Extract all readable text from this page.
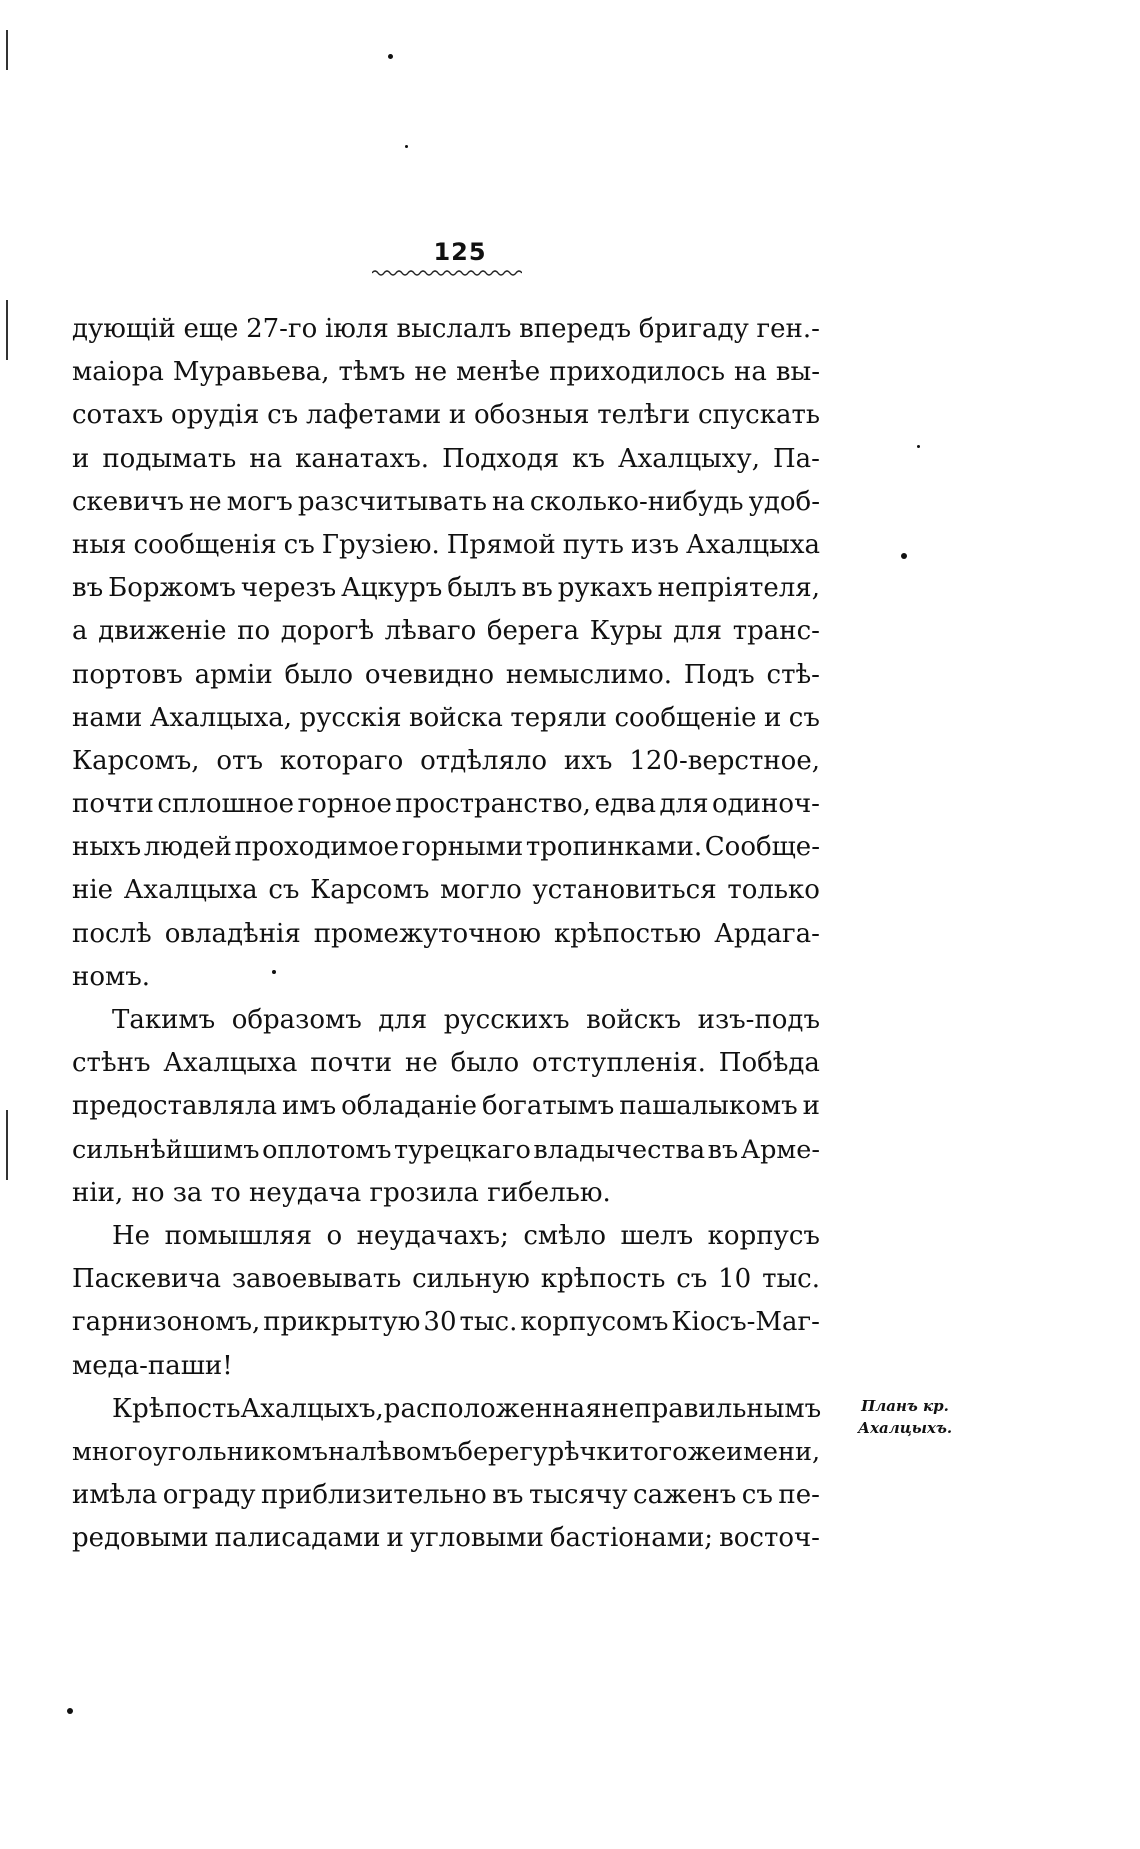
125
дующій еще 27-го іюля выслалъ впередъ бригаду ген.-
маіора Муравьева, тѣмъ не менѣе приходилось на вы-
сотахъ орудія съ лафетами и обозныя телѣги спускать
и подымать на канатахъ. Подходя къ Ахалцыху, Па-
скевичъ не могъ разсчитывать на сколько-нибудь удоб-
ныя сообщенія съ Грузіею. Прямой путь изъ Ахалцыха
въ Боржомъ черезъ Ацкуръ былъ въ рукахъ непріятеля,
а движеніе по дорогѣ лѣваго берега Куры для транс-
портовъ арміи было очевидно немыслимо. Подъ стѣ-
нами Ахалцыха, русскія войска теряли сообщеніе и съ
Карсомъ, отъ котораго отдѣляло ихъ 120-верстное,
почти сплошное горное пространство, едва для одиноч-
ныхъ людей проходимое горными тропинками. Сообще-
ніе Ахалцыха съ Карсомъ могло установиться только
послѣ овладѣнія промежуточною крѣпостью Ардага-
номъ.
Такимъ образомъ для русскихъ войскъ изъ-подъ
стѣнъ Ахалцыха почти не было отступленія. Побѣда
предоставляла имъ обладаніе богатымъ пашалыкомъ и
сильнѣйшимъ оплотомъ турецкаго владычества въ Арме-
ніи, но за то неудача грозила гибелью.
Не помышляя о неудачахъ; смѣло шелъ корпусъ
Паскевича завоевывать сильную крѣпость съ 10 тыс.
гарнизономъ, прикрытую 30 тыс. корпусомъ Кіосъ-Маг-
меда-паши!
Крѣпость Ахалцыхъ, расположенная неправильнымъ
многоугольникомъ на лѣвомъ берегу рѣчки того же имени,
имѣла ограду приблизительно въ тысячу саженъ съ пе-
редовыми палисадами и угловыми бастіонами; восточ-
Планъ кр.
Ахалцыхъ.
